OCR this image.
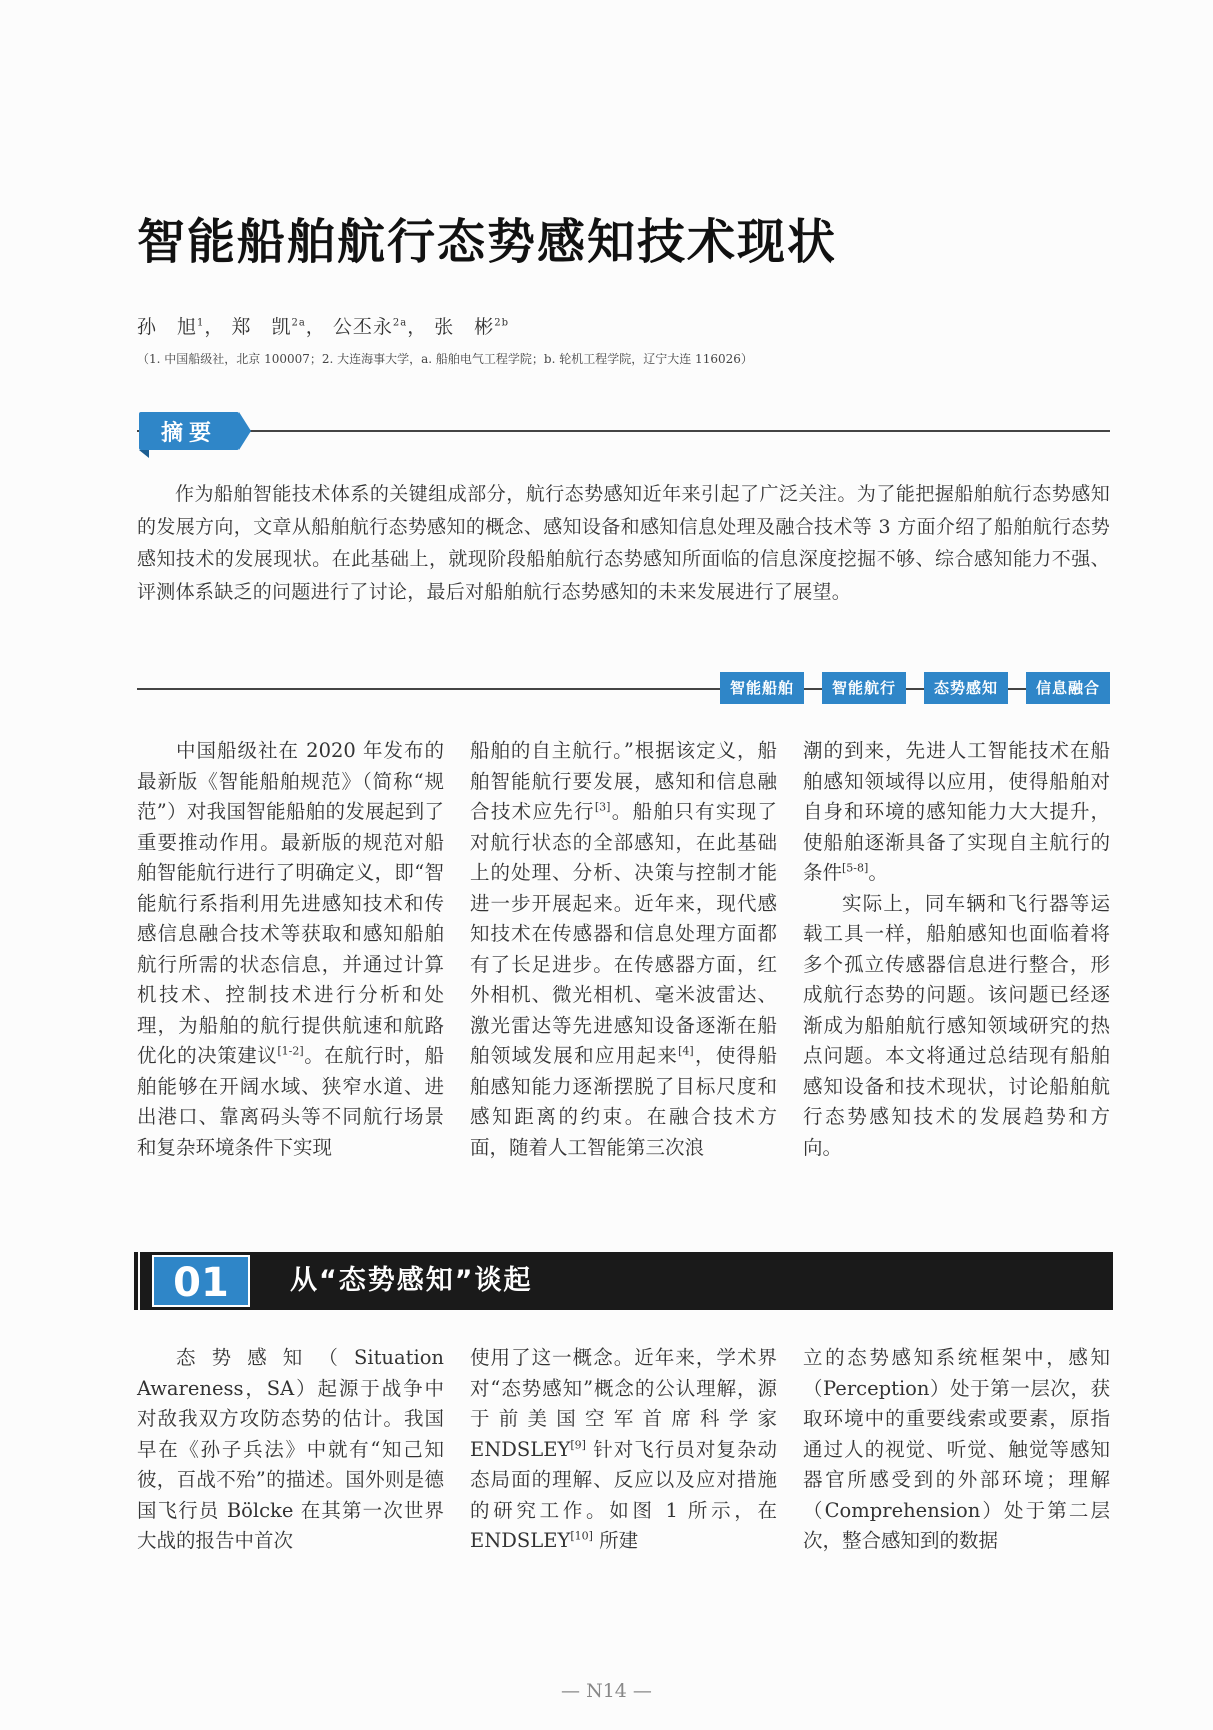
智能船舶航行态势感知技术现状
孙　旭$^1$， 郑　凯$^{2a}$， 公丕永$^{2a}$， 张　彬$^{2b}$
（1. 中国船级社，北京 100007；2. 大连海事大学，a. 船舶电气工程学院；b. 轮机工程学院，辽宁大连 116026）
摘要

作为船舶智能技术体系的关键组成部分，航行态势感知近年来引起了广泛关注。为了能把握船舶航行态势感知的发展方向，文章从船舶航行态势感知的概念、感知设备和感知信息处理及融合技术等 3 方面介绍了船舶航行态势感知技术的发展现状。在此基础上，就现阶段船舶航行态势感知所面临的信息深度挖掘不够、综合感知能力不强、评测体系缺乏的问题进行了讨论，最后对船舶航行态势感知的未来发展进行了展望。

智能船舶	智能航行	态势感知	信息融合

中国船级社在 2020 年发布的最新版《智能船舶规范》（简称“规范”）对我国智能船舶的发展起到了重要推动作用。最新版的规范对船舶智能航行进行了明确定义，即“智能航行系指利用先进感知技术和传感信息融合技术等获取和感知船舶航行所需的状态信息，并通过计算机技术、控制技术进行分析和处理，为船舶的航行提供航速和航路优化的决策建议[1-2]。在航行时，船舶能够在开阔水域、狭窄水道、进出港口、靠离码头等不同航行场景和复杂环境条件下实现

船舶的自主航行。”根据该定义，船舶智能航行要发展，感知和信息融合技术应先行[3]。船舶只有实现了对航行状态的全部感知，在此基础上的处理、分析、决策与控制才能进一步开展起来。近年来，现代感知技术在传感器和信息处理方面都有了长足进步。在传感器方面，红外相机、微光相机、毫米波雷达、激光雷达等先进感知设备逐渐在船舶领域发展和应用起来[4]，使得船舶感知能力逐渐摆脱了目标尺度和感知距离的约束。在融合技术方面，随着人工智能第三次浪

潮的到来，先进人工智能技术在船舶感知领域得以应用，使得船舶对自身和环境的感知能力大大提升，使船舶逐渐具备了实现自主航行的条件[5-8]。

实际上，同车辆和飞行器等运载工具一样，船舶感知也面临着将多个孤立传感器信息进行整合，形成航行态势的问题。该问题已经逐渐成为船舶航行感知领域研究的热点问题。本文将通过总结现有船舶感知设备和技术现状，讨论船舶航行态势感知技术的发展趋势和方向。

01	从“态势感知”谈起

态势感知（Situation Awareness，SA）起源于战争中对敌我双方攻防态势的估计。我国早在《孙子兵法》中就有“知己知彼，百战不殆”的描述。国外则是德国飞行员 Bölcke 在其第一次世界大战的报告中首次

使用了这一概念。近年来，学术界对“态势感知”概念的公认理解，源于前美国空军首席科学家 ENDSLEY[9] 针对飞行员对复杂动态局面的理解、反应以及应对措施的研究工作。如图 1 所示，在 ENDSLEY[10] 所建

立的态势感知系统框架中，感知（Perception）处于第一层次，获取环境中的重要线索或要素，原指通过人的视觉、听觉、触觉等感知器官所感受到的外部环境；理解（Comprehension）处于第二层次，整合感知到的数据

— N14 —
